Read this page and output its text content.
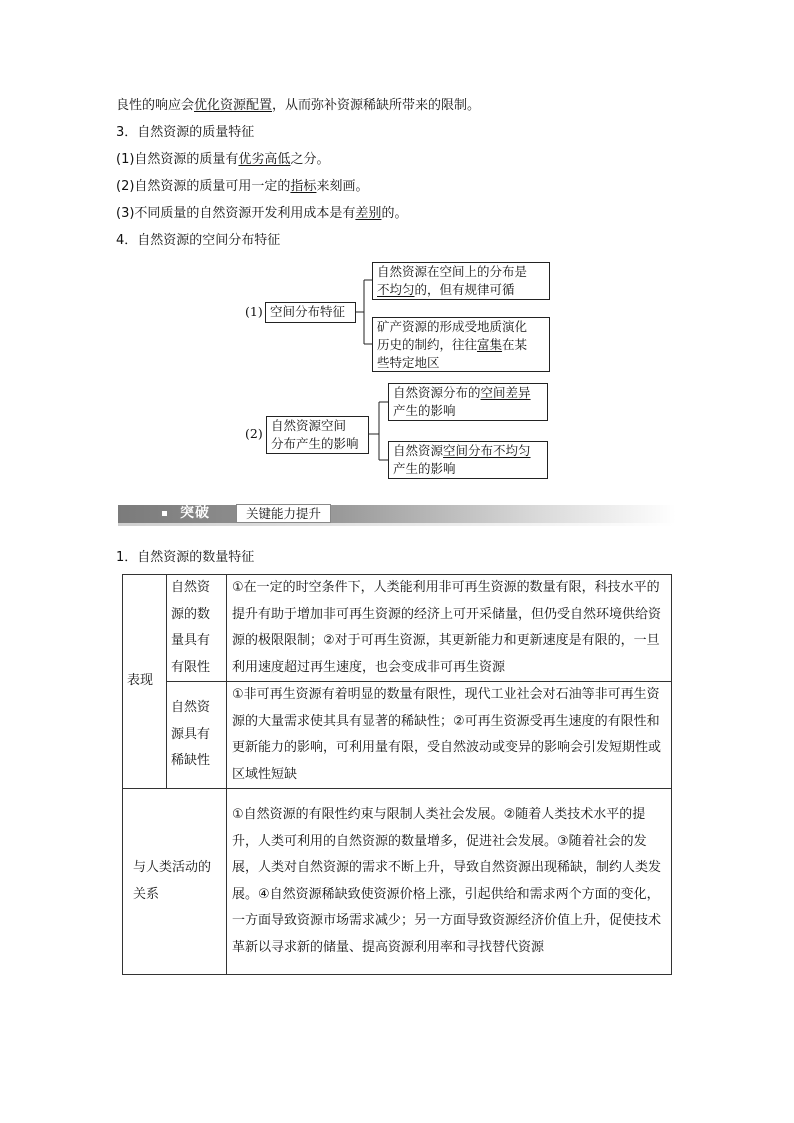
良性的响应会优化资源配置，从而弥补资源稀缺所带来的限制。
3．自然资源的质量特征
(1)自然资源的质量有优劣高低之分。
(2)自然资源的质量可用一定的指标来刻画。
(3)不同质量的自然资源开发利用成本是有差别的。
4．自然资源的空间分布特征
(1) 空间分布特征
自然资源在空间上的分布是
不均匀的，但有规律可循
矿产资源的形成受地质演化
历史的制约，往往富集在某
些特定地区
(2)
自然资源空间
分布产生的影响
自然资源分布的空间差异
产生的影响
自然资源空间分布不均匀
产生的影响
突破	关键能力提升
1．自然资源的数量特征
表现	自然资源的数量具有有限性	①在一定的时空条件下，人类能利用非可再生资源的数量有限，科技水平的提升有助于增加非可再生资源的经济上可开采储量，但仍受自然环境供给资源的极限限制；②对于可再生资源，其更新能力和更新速度是有限的，一旦利用速度超过再生速度，也会变成非可再生资源
	自然资源具有稀缺性	①非可再生资源有着明显的数量有限性，现代工业社会对石油等非可再生资源的大量需求使其具有显著的稀缺性；②可再生资源受再生速度的有限性和更新能力的影响，可利用量有限，受自然波动或变异的影响会引发短期性或区域性短缺
与人类活动的关系		①自然资源的有限性约束与限制人类社会发展。②随着人类技术水平的提升，人类可利用的自然资源的数量增多，促进社会发展。③随着社会的发展，人类对自然资源的需求不断上升，导致自然资源出现稀缺，制约人类发展。④自然资源稀缺致使资源价格上涨，引起供给和需求两个方面的变化，一方面导致资源市场需求减少；另一方面导致资源经济价值上升，促使技术革新以寻求新的储量、提高资源利用率和寻找替代资源
